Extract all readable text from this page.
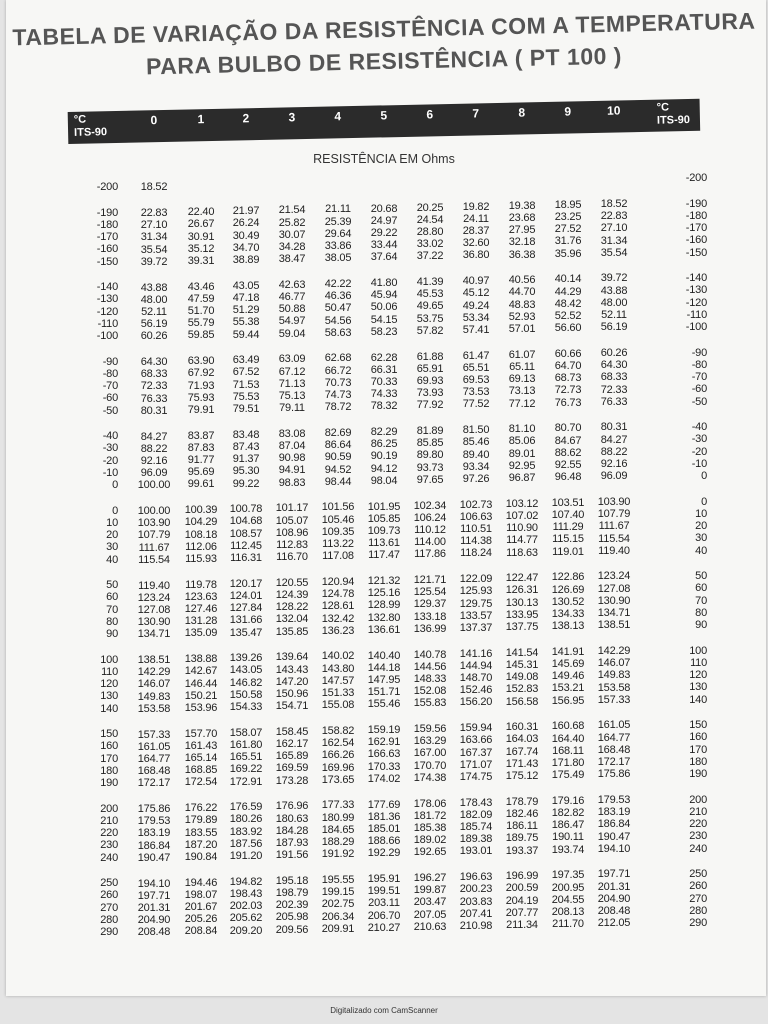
TABELA DE VARIAÇÃO DA RESISTÊNCIA COM A TEMPERATURA
PARA BULBO DE RESISTÊNCIA ( PT 100 )
°C
ITS-90
0	1	2	3	4	5	6	7	8	9	10	°C
ITS-90
RESISTÊNCIA EM Ohms
-200	18.52
-200
-190	22.83	22.40	21.97	21.54	21.11	20.68	20.25	19.82	19.38	18.95	18.52	-190
-180	27.10	26.67	26.24	25.82	25.39	24.97	24.54	24.11	23.68	23.25	22.83	-180
-170	31.34	30.91	30.49	30.07	29.64	29.22	28.80	28.37	27.95	27.52	27.10	-170
-160	35.54	35.12	34.70	34.28	33.86	33.44	33.02	32.60	32.18	31.76	31.34	-160
-150	39.72	39.31	38.89	38.47	38.05	37.64	37.22	36.80	36.38	35.96	35.54	-150
-140	43.88	43.46	43.05	42.63	42.22	41.80	41.39	40.97	40.56	40.14	39.72	-140
-130	48.00	47.59	47.18	46.77	46.36	45.94	45.53	45.12	44.70	44.29	43.88	-130
-120	52.11	51.70	51.29	50.88	50.47	50.06	49.65	49.24	48.83	48.42	48.00	-120
-110	56.19	55.79	55.38	54.97	54.56	54.15	53.75	53.34	52.93	52.52	52.11	-110
-100	60.26	59.85	59.44	59.04	58.63	58.23	57.82	57.41	57.01	56.60	56.19	-100
-90	64.30	63.90	63.49	63.09	62.68	62.28	61.88	61.47	61.07	60.66	60.26	-90
-80	68.33	67.92	67.52	67.12	66.72	66.31	65.91	65.51	65.11	64.70	64.30	-80
-70	72.33	71.93	71.53	71.13	70.73	70.33	69.93	69.53	69.13	68.73	68.33	-70
-60	76.33	75.93	75.53	75.13	74.73	74.33	73.93	73.53	73.13	72.73	72.33	-60
-50	80.31	79.91	79.51	79.11	78.72	78.32	77.92	77.52	77.12	76.73	76.33	-50
-40	84.27	83.87	83.48	83.08	82.69	82.29	81.89	81.50	81.10	80.70	80.31	-40
-30	88.22	87.83	87.43	87.04	86.64	86.25	85.85	85.46	85.06	84.67	84.27	-30
-20	92.16	91.77	91.37	90.98	90.59	90.19	89.80	89.40	89.01	88.62	88.22	-20
-10	96.09	95.69	95.30	94.91	94.52	94.12	93.73	93.34	92.95	92.55	92.16	-10
0	100.00	99.61	99.22	98.83	98.44	98.04	97.65	97.26	96.87	96.48	96.09	0
0	100.00	100.39	100.78	101.17	101.56	101.95	102.34	102.73	103.12	103.51	103.90	0
10	103.90	104.29	104.68	105.07	105.46	105.85	106.24	106.63	107.02	107.40	107.79	10
20	107.79	108.18	108.57	108.96	109.35	109.73	110.12	110.51	110.90	111.29	111.67	20
30	111.67	112.06	112.45	112.83	113.22	113.61	114.00	114.38	114.77	115.15	115.54	30
40	115.54	115.93	116.31	116.70	117.08	117.47	117.86	118.24	118.63	119.01	119.40	40
50	119.40	119.78	120.17	120.55	120.94	121.32	121.71	122.09	122.47	122.86	123.24	50
60	123.24	123.63	124.01	124.39	124.78	125.16	125.54	125.93	126.31	126.69	127.08	60
70	127.08	127.46	127.84	128.22	128.61	128.99	129.37	129.75	130.13	130.52	130.90	70
80	130.90	131.28	131.66	132.04	132.42	132.80	133.18	133.57	133.95	134.33	134.71	80
90	134.71	135.09	135.47	135.85	136.23	136.61	136.99	137.37	137.75	138.13	138.51	90
100	138.51	138.88	139.26	139.64	140.02	140.40	140.78	141.16	141.54	141.91	142.29	100
110	142.29	142.67	143.05	143.43	143.80	144.18	144.56	144.94	145.31	145.69	146.07	110
120	146.07	146.44	146.82	147.20	147.57	147.95	148.33	148.70	149.08	149.46	149.83	120
130	149.83	150.21	150.58	150.96	151.33	151.71	152.08	152.46	152.83	153.21	153.58	130
140	153.58	153.96	154.33	154.71	155.08	155.46	155.83	156.20	156.58	156.95	157.33	140
150	157.33	157.70	158.07	158.45	158.82	159.19	159.56	159.94	160.31	160.68	161.05	150
160	161.05	161.43	161.80	162.17	162.54	162.91	163.29	163.66	164.03	164.40	164.77	160
170	164.77	165.14	165.51	165.89	166.26	166.63	167.00	167.37	167.74	168.11	168.48	170
180	168.48	168.85	169.22	169.59	169.96	170.33	170.70	171.07	171.43	171.80	172.17	180
190	172.17	172.54	172.91	173.28	173.65	174.02	174.38	174.75	175.12	175.49	175.86	190
200	175.86	176.22	176.59	176.96	177.33	177.69	178.06	178.43	178.79	179.16	179.53	200
210	179.53	179.89	180.26	180.63	180.99	181.36	181.72	182.09	182.46	182.82	183.19	210
220	183.19	183.55	183.92	184.28	184.65	185.01	185.38	185.74	186.11	186.47	186.84	220
230	186.84	187.20	187.56	187.93	188.29	188.66	189.02	189.38	189.75	190.11	190.47	230
240	190.47	190.84	191.20	191.56	191.92	192.29	192.65	193.01	193.37	193.74	194.10	240
250	194.10	194.46	194.82	195.18	195.55	195.91	196.27	196.63	196.99	197.35	197.71	250
260	197.71	198.07	198.43	198.79	199.15	199.51	199.87	200.23	200.59	200.95	201.31	260
270	201.31	201.67	202.03	202.39	202.75	203.11	203.47	203.83	204.19	204.55	204.90	270
280	204.90	205.26	205.62	205.98	206.34	206.70	207.05	207.41	207.77	208.13	208.48	280
290	208.48	208.84	209.20	209.56	209.91	210.27	210.63	210.98	211.34	211.70	212.05	290
Digitalizado com CamScanner
